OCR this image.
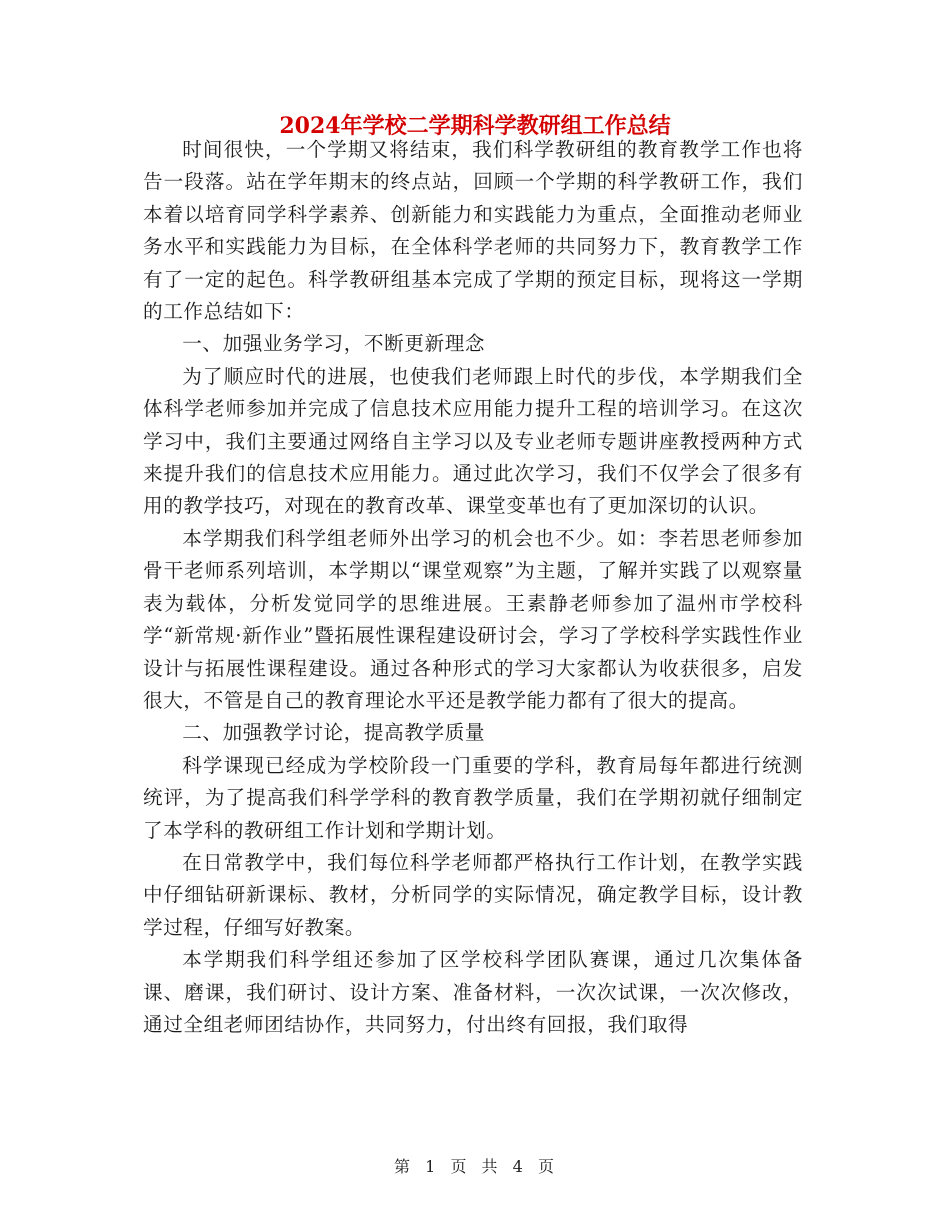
2024年学校二学期科学教研组工作总结

时间很快，一个学期又将结束，我们科学教研组的教育教学工作也将告一段落。站在学年期末的终点站，回顾一个学期的科学教研工作，我们本着以培育同学科学素养、创新能力和实践能力为重点，全面推动老师业务水平和实践能力为目标，在全体科学老师的共同努力下，教育教学工作有了一定的起色。科学教研组基本完成了学期的预定目标，现将这一学期的工作总结如下：

一、加强业务学习，不断更新理念

为了顺应时代的进展，也使我们老师跟上时代的步伐，本学期我们全体科学老师参加并完成了信息技术应用能力提升工程的培训学习。在这次学习中，我们主要通过网络自主学习以及专业老师专题讲座教授两种方式来提升我们的信息技术应用能力。通过此次学习，我们不仅学会了很多有用的教学技巧，对现在的教育改革、课堂变革也有了更加深切的认识。

本学期我们科学组老师外出学习的机会也不少。如：李若思老师参加骨干老师系列培训，本学期以“课堂观察”为主题，了解并实践了以观察量表为载体，分析发觉同学的思维进展。王素静老师参加了温州市学校科学“新常规·新作业”暨拓展性课程建设研讨会，学习了学校科学实践性作业设计与拓展性课程建设。通过各种形式的学习大家都认为收获很多，启发很大，不管是自己的教育理论水平还是教学能力都有了很大的提高。

二、加强教学讨论，提高教学质量

科学课现已经成为学校阶段一门重要的学科，教育局每年都进行统测统评，为了提高我们科学学科的教育教学质量，我们在学期初就仔细制定了本学科的教研组工作计划和学期计划。

在日常教学中，我们每位科学老师都严格执行工作计划，在教学实践中仔细钻研新课标、教材，分析同学的实际情况，确定教学目标，设计教学过程，仔细写好教案。

本学期我们科学组还参加了区学校科学团队赛课，通过几次集体备课、磨课，我们研讨、设计方案、准备材料，一次次试课，一次次修改，通过全组老师团结协作，共同努力，付出终有回报，我们取得

第 1 页 共 4 页
